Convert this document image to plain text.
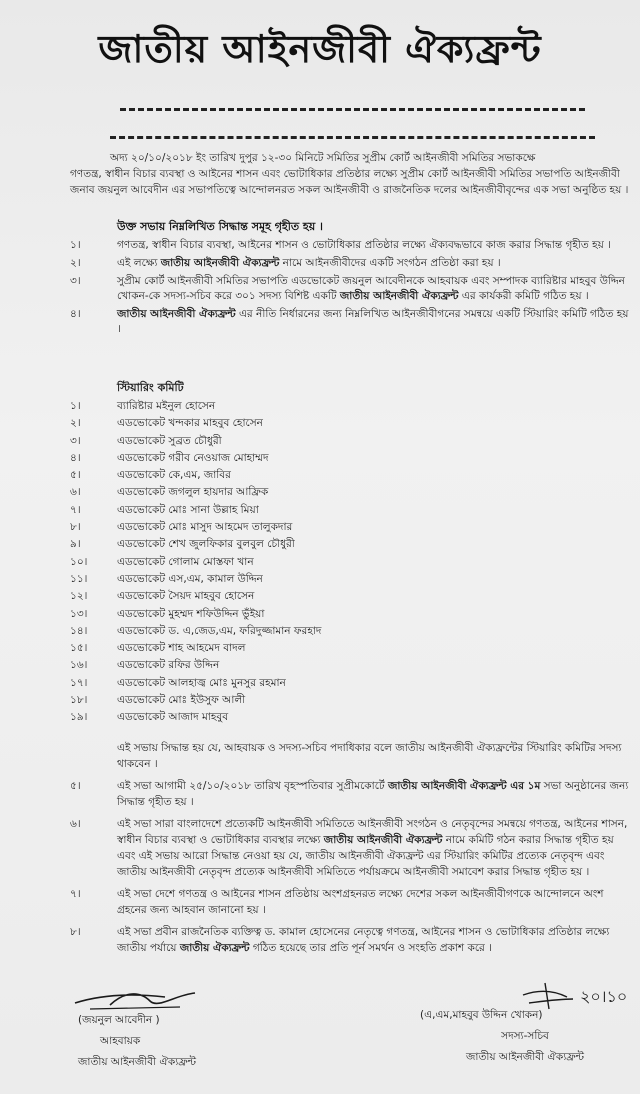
জাতীয় আইনজীবী ঐক্যফ্রন্ট
অদ্য ২০/১০/২০১৮ ইং তারিখ দুপুর ১২-৩০ মিনিটে সমিতির সুপ্রীম কোর্ট আইনজীবী সমিতির সভাকক্ষে
গণতন্ত্র, স্বাধীন বিচার ব্যবস্থা ও আইনের শাসন এবং ভোটাধিকার প্রতিষ্ঠার লক্ষ্যে সুপ্রীম কোর্ট আইনজীবী সমিতির সভাপতি আইনজীবী জনাব জয়নুল আবেদীন এর সভাপতিত্বে আন্দোলনরত সকল আইনজীবী ও রাজনৈতিক দলের আইনজীবীবৃন্দের এক সভা অনুষ্ঠিত হয় ।
উক্ত সভায় নিম্নলিখিত সিদ্ধান্ত সমূহ গৃহীত হয় ।
১।	গণতন্ত্র, স্বাধীন বিচার ব্যবস্থা, আইনের শাসন ও ভোটাধিকার প্রতিষ্ঠার লক্ষ্যে ঐক্যবদ্ধভাবে কাজ করার সিদ্ধান্ত গৃহীত হয় ।
২।	এই লক্ষ্যে জাতীয় আইনজীবী ঐক্যফ্রন্ট নামে আইনজীবীদের একটি সংগঠন প্রতিষ্ঠা করা হয় ।
৩।	সুপ্রীম কোর্ট আইনজীবী সমিতির সভাপতি এডভোকেট জয়নুল আবেদীনকে আহবায়ক এবং সম্পাদক ব্যারিষ্টার মাহবুব উদ্দিন খোকন-কে সদস্য-সচিব করে ৩০১ সদস্য বিশিষ্ট একটি জাতীয় আইনজীবী ঐক্যফ্রন্ট এর কার্যকরী কমিটি গঠিত হয় ।
৪।	জাতীয় আইনজীবী ঐক্যফ্রন্ট এর নীতি নির্ধারনের জন্য নিম্নলিখিত আইনজীবীগনের সমন্বয়ে একটি স্টিয়ারিং কমিটি গঠিত হয় ।
স্টিয়ারিং কমিটি
১।	ব্যারিষ্টার মইনুল হোসেন
২।	এডভোকেট খন্দকার মাহবুব হোসেন
৩।	এডভোকেট সুব্রত চৌধুরী
৪।	এডভোকেট গরীব নেওয়াজ মোহাম্মদ
৫।	এডভোকেট কে,এম, জাবির
৬।	এডভোকেট জগলুল হায়দার আফ্রিক
৭।	এডভোকেট মোঃ সানা উল্লাহ মিয়া
৮।	এডভোকেট মোঃ মাসুদ আহমেদ তালুকদার
৯।	এডভোকেট শেখ জুলফিকার বুলবুল চৌধুরী
১০।	এডভোকেট গোলাম মোস্তফা খান
১১।	এডভোকেট এস,এম, কামাল উদ্দিন
১২।	এডভোকেট সৈয়দ মাহবুব হোসেন
১৩।	এডভোকেট মুহম্মদ শফিউদ্দিন ভুঁইয়া
১৪।	এডভোকেট ড. এ,জেড,এম, ফরিদুজ্জামান ফরহাদ
১৫।	এডভোকেট শাহ আহমেদ বাদল
১৬।	এডভোকেট রফির উদ্দিন
১৭।	এডভোকেট আলহাজ্ব মোঃ মুনসুর রহমান
১৮।	এডভোকেট মোঃ ইউসুফ আলী
১৯।	এডভোকেট আজাদ মাহবুব
এই সভায় সিদ্ধান্ত হয় যে, আহবায়ক ও সদস্য-সচিব পদাধিকার বলে জাতীয় আইনজীবী ঐক্যফ্রন্টের স্টিয়ারিং কমিটির সদস্য থাকবেন ।
৫।	এই সভা আগামী ২৫/১০/২০১৮ তারিখ বৃহস্পতিবার সুপ্রীমকোর্টে জাতীয় আইনজীবী ঐক্যফ্রন্ট এর ১ম সভা অনুষ্ঠানের জন্য সিদ্ধান্ত গৃহীত হয় ।
৬।	এই সভা সারা বাংলাদেশে প্রত্যেকটি আইনজীবী সমিতিতে আইনজীবী সংগঠন ও নেতৃবৃন্দের সমন্বয়ে গণতন্ত্র, আইনের শাসন, স্বাধীন বিচার ব্যবস্থা ও ভোটাধিকার ব্যবস্থার লক্ষ্যে জাতীয় আইনজীবী ঐক্যফ্রন্ট নামে কমিটি গঠন করার সিদ্ধান্ত গৃহীত হয় এবং এই সভায় আরো সিদ্ধান্ত নেওয়া হয় যে, জাতীয় আইনজীবী ঐক্যফ্রন্ট এর স্টিয়ারিং কমিটির প্রত্যেক নেতৃবৃন্দ এবং জাতীয় আইনজীবী নেতৃবৃন্দ প্রত্যেক আইনজীবী সমিতিতে পর্যায়ক্রমে আইনজীবী সমাবেশ করার সিদ্ধান্ত গৃহীত হয় ।
৭।	এই সভা দেশে গণতন্ত্র ও আইনের শাসন প্রতিষ্ঠায় অংশগ্রহনরত লক্ষ্যে দেশের সকল আইনজীবীগণকে আন্দোলনে অংশ গ্রহনের জন্য আহবান জানানো হয় ।
৮।	এই সভা প্রবীন রাজনৈতিক ব্যক্তিত্ব ড. কামাল হোসেনের নেতৃত্বে গণতন্ত্র, আইনের শাসন ও ভোটাধিকার প্রতিষ্ঠার লক্ষ্যে জাতীয় পর্যায়ে জাতীয় ঐক্যফ্রন্ট গঠিত হয়েছে তার প্রতি পূর্ন সমর্থন ও সংহতি প্রকাশ করে ।
(জয়নুল আবেদীন )
আহবায়ক
জাতীয় আইনজীবী ঐক্যফ্রন্ট
২০।১০
(এ,এম,মাহবুব উদ্দিন খোকন)
সদস্য-সচিব
জাতীয় আইনজীবী ঐক্যফ্রন্ট
